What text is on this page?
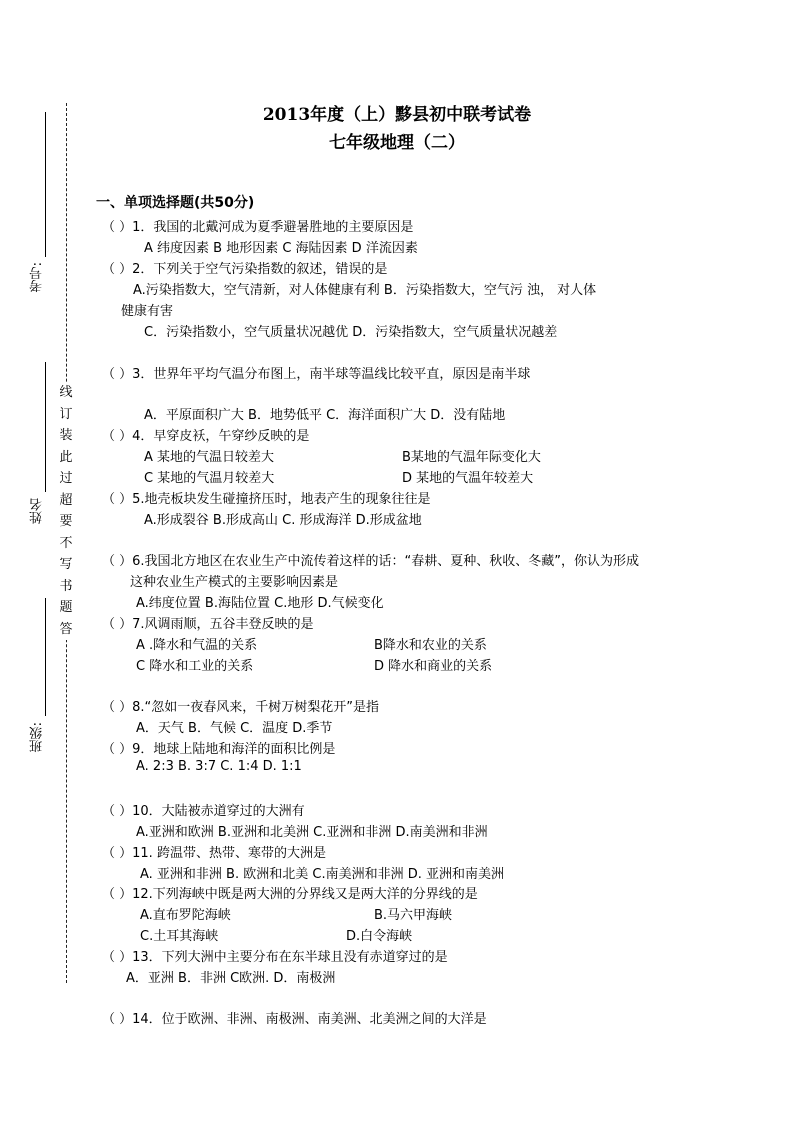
考号:
姓名
班级:
线
订
装
此
过
超
要
不
写
书
题
答
2013年度（上）黟县初中联考试卷
七年级地理（二）
一、单项选择题(共50分)
（ ）1．我国的北戴河成为夏季避暑胜地的主要原因是
A 纬度因素 B 地形因素 C 海陆因素 D 洋流因素
（ ）2．下列关于空气污染指数的叙述，错误的是
A.污染指数大，空气清新，对人体健康有利 B．污染指数大，空气污 浊， 对人体
健康有害
C．污染指数小，空气质量状况越优 D．污染指数大，空气质量状况越差
（ ）3．世界年平均气温分布图上，南半球等温线比较平直，原因是南半球
A．平原面积广大 B．地势低平 C．海洋面积广大 D．没有陆地
（ ）4．早穿皮袄，午穿纱反映的是
A 某地的气温日较差大	B某地的气温年际变化大
C 某地的气温月较差大	D 某地的气温年较差大
（ ）5.地壳板块发生碰撞挤压时，地表产生的现象往往是
A.形成裂谷 B.形成高山 C. 形成海洋 D.形成盆地
（ ）6.我国北方地区在农业生产中流传着这样的话：“春耕、夏种、秋收、冬藏”，你认为形成
这种农业生产模式的主要影响因素是
A.纬度位置 B.海陆位置 C.地形 D.气候变化
（ ）7.风调雨顺，五谷丰登反映的是
A .降水和气温的关系	B降水和农业的关系
C 降水和工业的关系	D 降水和商业的关系
（ ）8.“忽如一夜春风来，千树万树梨花开”是指
A．天气 B．气候 C．温度 D.季节
（ ）9．地球上陆地和海洋的面积比例是
A. 2:3 B. 3:7 C. 1:4 D. 1:1
（ ）10．大陆被赤道穿过的大洲有
A.亚洲和欧洲 B.亚洲和北美洲 C.亚洲和非洲 D.南美洲和非洲
（ ）11. 跨温带、热带、寒带的大洲是
A. 亚洲和非洲 B. 欧洲和北美 C.南美洲和非洲 D. 亚洲和南美洲
（ ）12.下列海峡中既是两大洲的分界线又是两大洋的分界线的是
A.直布罗陀海峡	B.马六甲海峡
C.土耳其海峡	D.白令海峡
（ ）13．下列大洲中主要分布在东半球且没有赤道穿过的是
A．亚洲 B．非洲 C欧洲. D．南极洲
（ ）14．位于欧洲、非洲、南极洲、南美洲、北美洲之间的大洋是
